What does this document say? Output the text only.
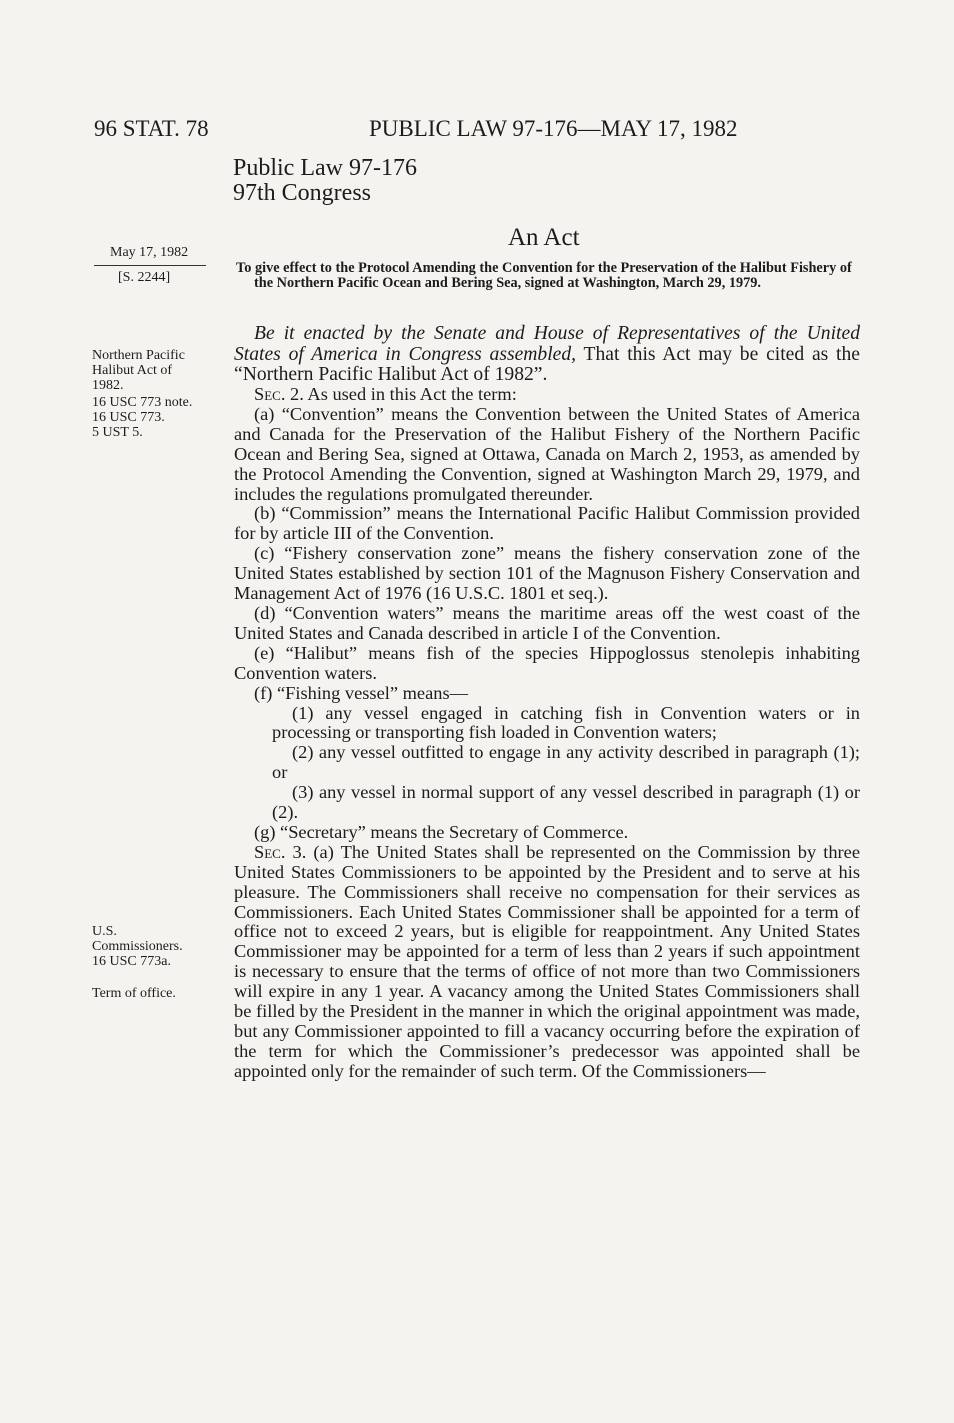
96 STAT. 78	PUBLIC LAW 97-176—MAY 17, 1982
Public Law 97-176
97th Congress
An Act
May 17, 1982
[S. 2244]
To give effect to the Protocol Amending the Convention for the Preservation of the Halibut Fishery of the Northern Pacific Ocean and Bering Sea, signed at Washington, March 29, 1979.
Northern Pacific
Halibut Act of
1982.
16 USC 773 note.
16 USC 773.
5 UST 5.

Be it enacted by the Senate and House of Representatives of the United States of America in Congress assembled, That this Act may be cited as the “Northern Pacific Halibut Act of 1982”.

Sec. 2. As used in this Act the term:

(a) “Convention” means the Convention between the United States of America and Canada for the Preservation of the Halibut Fishery of the Northern Pacific Ocean and Bering Sea, signed at Ottawa, Canada on March 2, 1953, as amended by the Protocol Amending the Convention, signed at Washington March 29, 1979, and includes the regulations promulgated thereunder.

(b) “Commission” means the International Pacific Halibut Commission provided for by article III of the Convention.

(c) “Fishery conservation zone” means the fishery conservation zone of the United States established by section 101 of the Magnuson Fishery Conservation and Management Act of 1976 (16 U.S.C. 1801 et seq.).

(d) “Convention waters” means the maritime areas off the west coast of the United States and Canada described in article I of the Convention.

(e) “Halibut” means fish of the species Hippoglossus stenolepis inhabiting Convention waters.

(f) “Fishing vessel” means—

(1) any vessel engaged in catching fish in Convention waters or in processing or transporting fish loaded in Convention waters;

(2) any vessel outfitted to engage in any activity described in paragraph (1); or

(3) any vessel in normal support of any vessel described in paragraph (1) or (2).

(g) “Secretary” means the Secretary of Commerce.

Sec. 3. (a) The United States shall be represented on the Commission by three United States Commissioners to be appointed by the President and to serve at his pleasure. The Commissioners shall receive no compensation for their services as Commissioners. Each United States Commissioner shall be appointed for a term of office not to exceed 2 years, but is eligible for reappointment. Any United States Commissioner may be appointed for a term of less than 2 years if such appointment is necessary to ensure that the terms of office of not more than two Commissioners will expire in any 1 year. A vacancy among the United States Commissioners shall be filled by the President in the manner in which the original appointment was made, but any Commissioner appointed to fill a vacancy occurring before the expiration of the term for which the Commissioner’s predecessor was appointed shall be appointed only for the remainder of such term. Of the Commissioners—

U.S.
Commissioners.
16 USC 773a.
Term of office.
